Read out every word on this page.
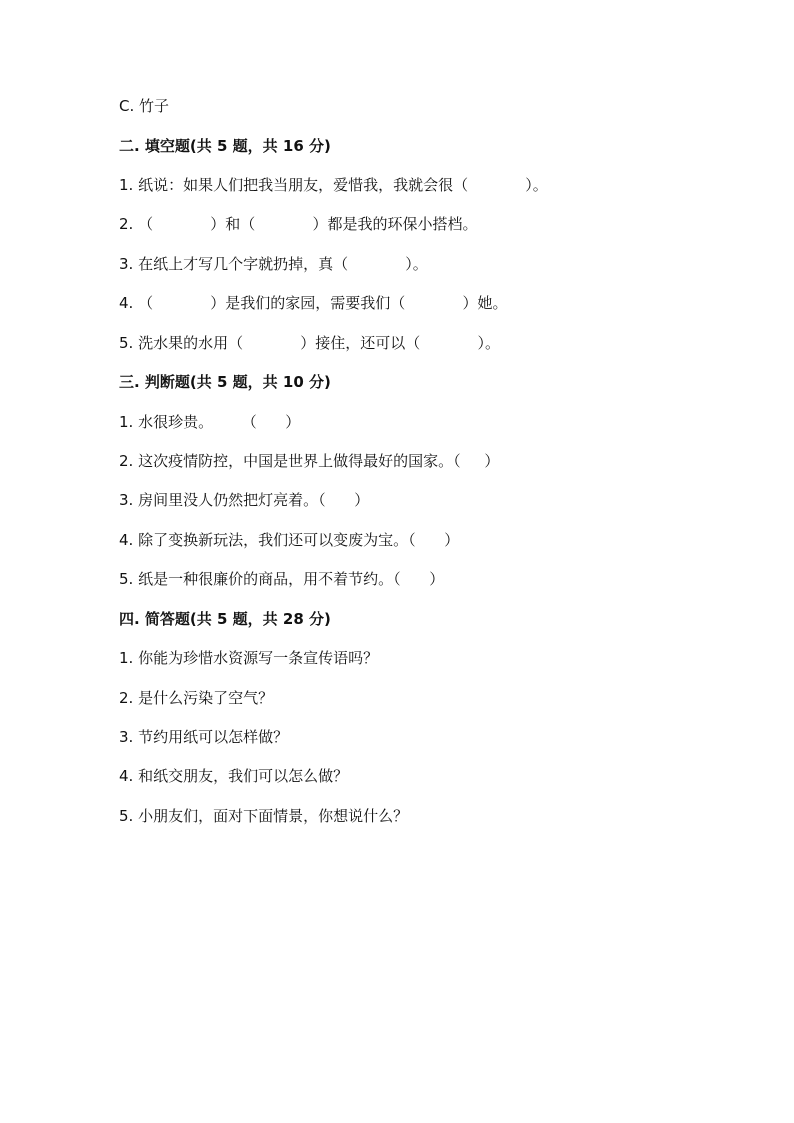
C. 竹子
二. 填空题(共 5 题，共 16 分)
1. 纸说：如果人们把我当朋友，爱惜我，我就会很（            ）。
2. （            ）和（            ）都是我的环保小搭档。
3. 在纸上才写几个字就扔掉，真（            ）。
4. （            ）是我们的家园，需要我们（            ）她。
5. 洗水果的水用（            ）接住，还可以（            ）。
三. 判断题(共 5 题，共 10 分)
1. 水很珍贵。      （      ）
2. 这次疫情防控，中国是世界上做得最好的国家。（     ）
3. 房间里没人仍然把灯亮着。（      ）
4. 除了变换新玩法，我们还可以变废为宝。（      ）
5. 纸是一种很廉价的商品，用不着节约。（      ）
四. 简答题(共 5 题，共 28 分)
1. 你能为珍惜水资源写一条宣传语吗？
2. 是什么污染了空气？
3. 节约用纸可以怎样做？
4. 和纸交朋友，我们可以怎么做？
5. 小朋友们，面对下面情景，你想说什么？
